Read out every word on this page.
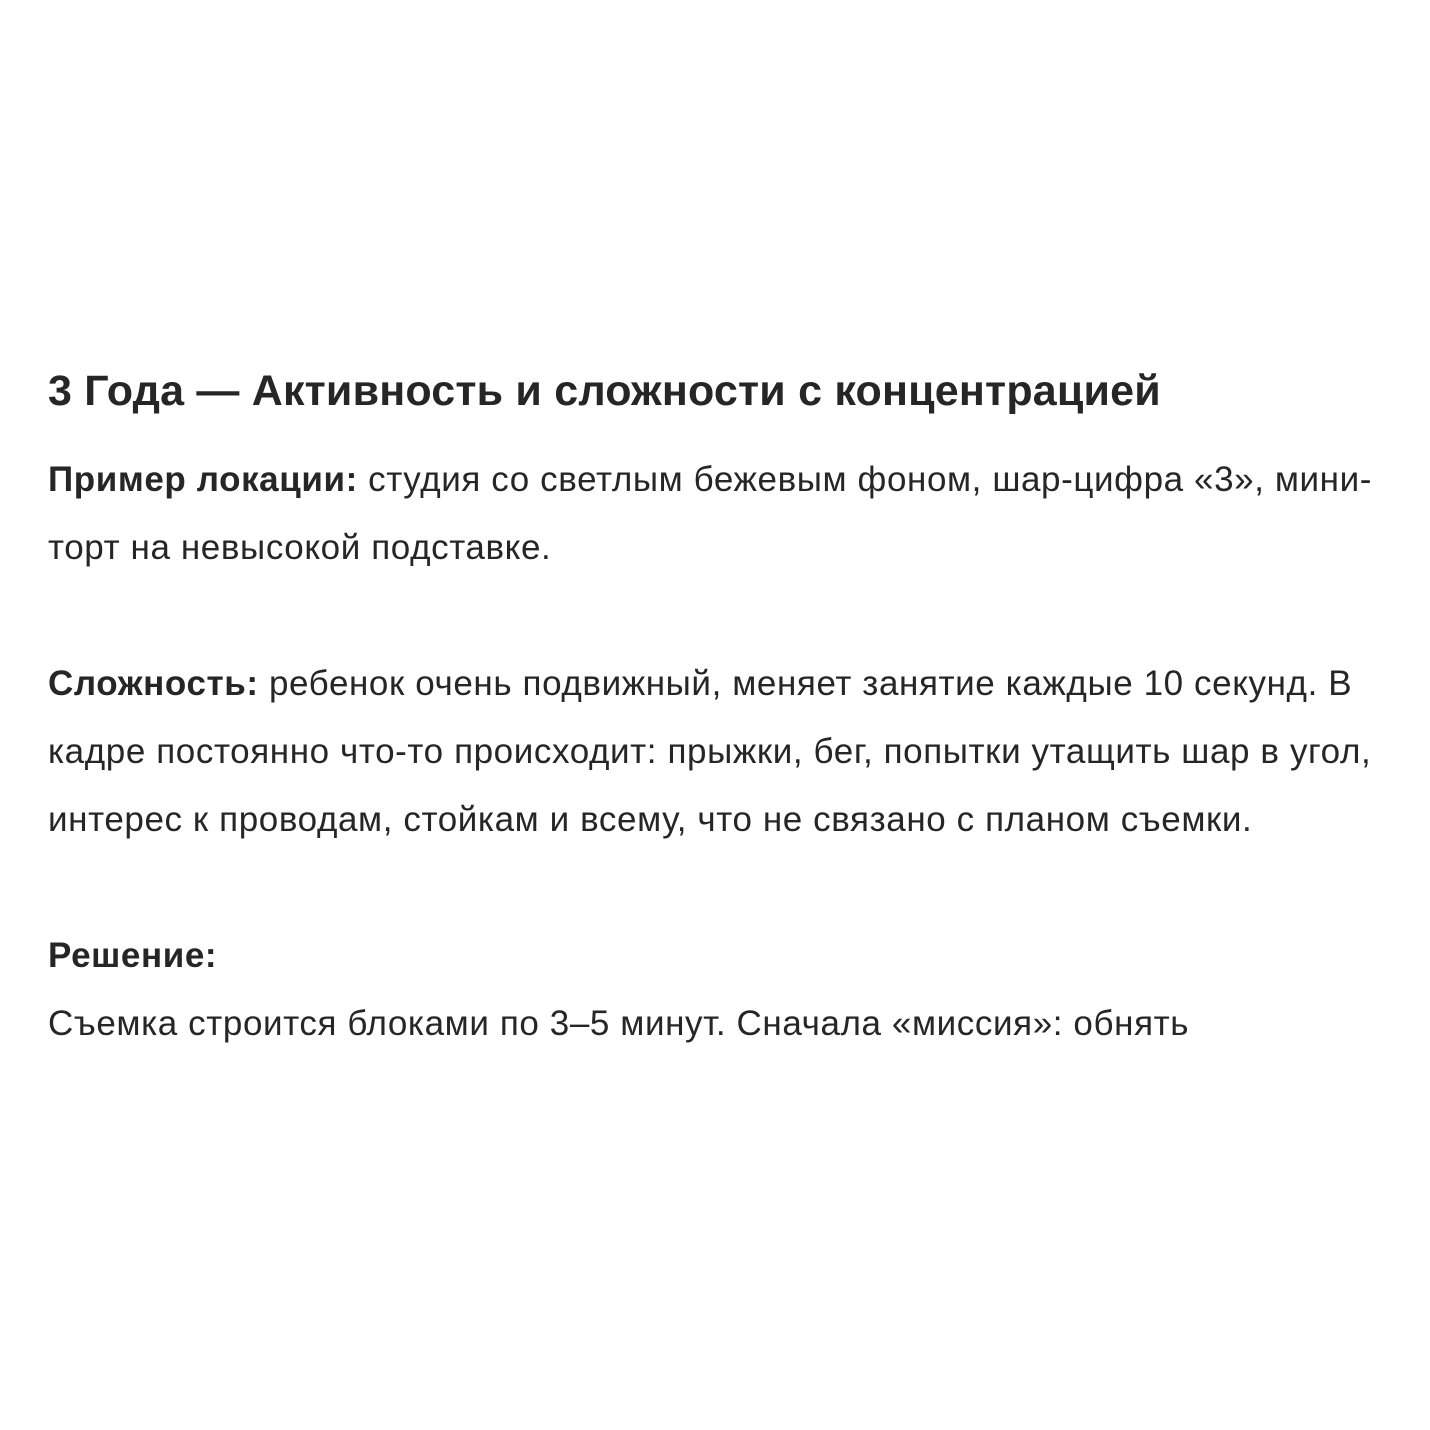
3 Года — Активность и сложности с концентрацией

Пример локации: студия со светлым бежевым фоном, шар-цифра «3», мини-торт на невысокой подставке.

Сложность: ребенок очень подвижный, меняет занятие каждые 10 секунд. В кадре постоянно что-то происходит: прыжки, бег, попытки утащить шар в угол, интерес к проводам, стойкам и всему, что не связано с планом съемки.

Решение:

Съемка строится блоками по 3–5 минут. Сначала «миссия»: обнять
